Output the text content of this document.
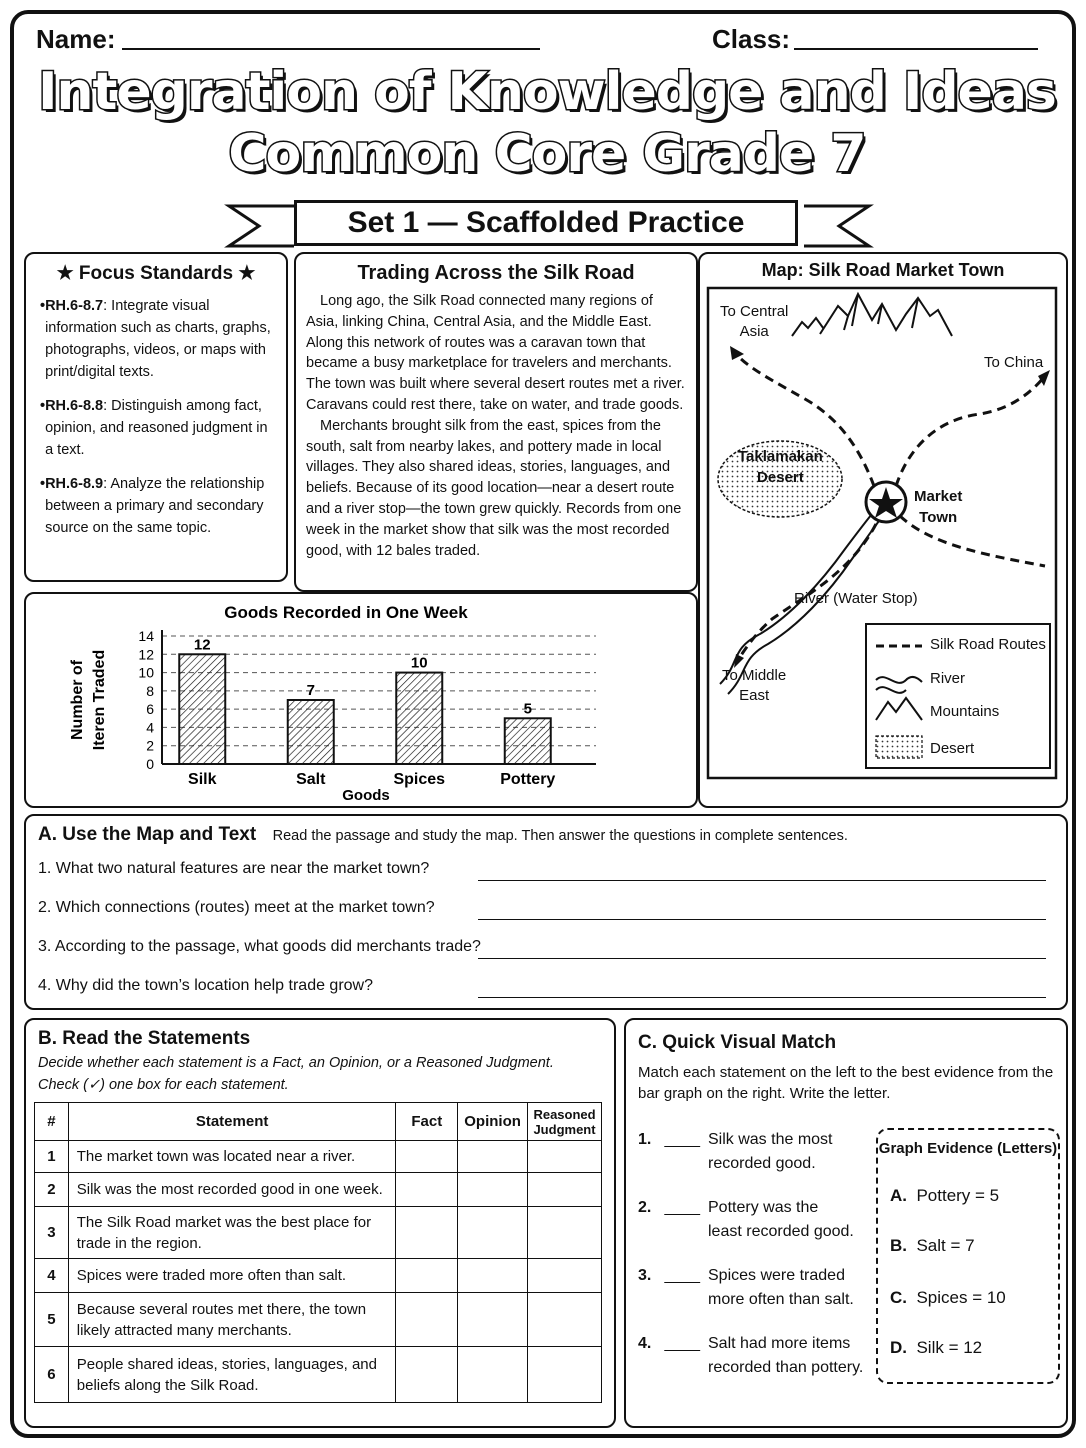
Name:	Class:
Integration of Knowledge and Ideas
Common Core Grade 7
Set 1 — Scaffolded Practice
★ Focus Standards ★
• RH.6-8.7: Integrate visual information such as charts, graphs, photographs, videos, or maps with print/digital texts.
• RH.6-8.8: Distinguish among fact, opinion, and reasoned judgment in a text.
• RH.6-8.9: Analyze the relationship between a primary and secondary source on the same topic.
Trading Across the Silk Road

Long ago, the Silk Road connected many regions of Asia, linking China, Central Asia, and the Middle East. Along this network of routes was a caravan town that became a busy marketplace for travelers and merchants. The town was built where several desert routes met a river. Caravans could rest there, take on water, and trade goods.

Merchants brought silk from the east, spices from the south, salt from nearby lakes, and pottery made in local villages. They also shared ideas, stories, languages, and beliefs. Because of its good location—near a desert route and a river stop—the town grew quickly. Records from one week in the market show that silk was the most recorded good, with 12 bales traded.

Map: Silk Road Market Town
To Central
Asia
To China
Taklamakan
Desert
Market
Town
River (Water Stop)
To Middle
East
Silk Road Routes
River
Mountains
Desert
Goods Recorded in One Week
0
2
4
6
8
10
12
14
12
Silk
7
Salt
10
Spices
5
Pottery
Goods
Number of Iteren Traded
A. Use the Map and Text Read the passage and study the map. Then answer the questions in complete sentences.
1. What two natural features are near the market town?
2. Which connections (routes) meet at the market town?
3. According to the passage, what goods did merchants trade?
4. Why did the town’s location help trade grow?
B. Read the Statements
Decide whether each statement is a Fact, an Opinion, or a Reasoned Judgment.
Check (✓) one box for each statement.
#	Statement	Fact	Opinion	Reasoned
Judgment

1	The market town was located near a river.			
2	Silk was the most recorded good in one week.			
3	The Silk Road market was the best place for trade in the region.			
4	Spices were traded more often than salt.			
5	Because several routes met there, the town likely attracted many merchants.			
6	People shared ideas, stories, languages, and beliefs along the Silk Road.			
C. Quick Visual Match
Match each statement on the left to the best evidence from the bar graph on the right. Write the letter.
1. ____ Silk was the most
recorded good.
2. ____ Pottery was the
least recorded good.
3. ____ Spices were traded
more often than salt.
4. ____ Salt had more items
recorded than pottery.
Graph Evidence (Letters)
A. Pottery = 5
B. Salt = 7
C. Spices = 10
D. Silk = 12
